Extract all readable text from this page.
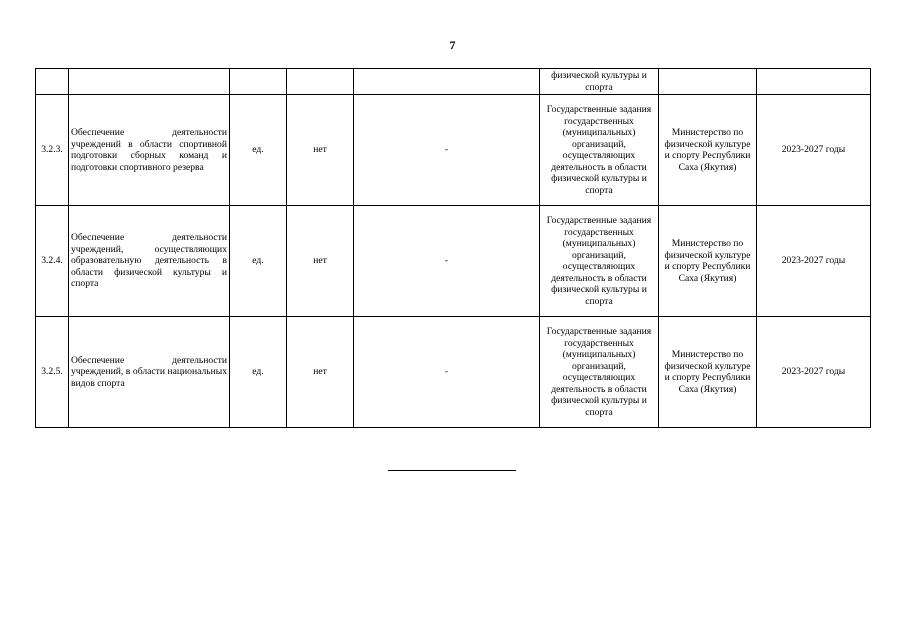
7
					физической культуры и спорта		
3.2.3.	Обеспечение деятельности учреждений в области спортивной подготовки сборных команд и подготовки спортивного резерва	ед.	нет	-	Государственные задания государственных (муниципальных) организаций, осуществляющих деятельность в области физической культуры и спорта	Министерство по физической культуре и спорту Республики Саха (Якутия)	2023-2027 годы
3.2.4.	Обеспечение деятельности учреждений, осуществляющих образовательную деятельность в области физической культуры и спорта	ед.	нет	-	Государственные задания государственных (муниципальных) организаций, осуществляющих деятельность в области физической культуры и спорта	Министерство по физической культуре и спорту Республики Саха (Якутия)	2023-2027 годы
3.2.5.	Обеспечение деятельности учреждений, в области национальных видов спорта	ед.	нет	-	Государственные задания государственных (муниципальных) организаций, осуществляющих деятельность в области физической культуры и спорта	Министерство по физической культуре и спорту Республики Саха (Якутия)	2023-2027 годы
